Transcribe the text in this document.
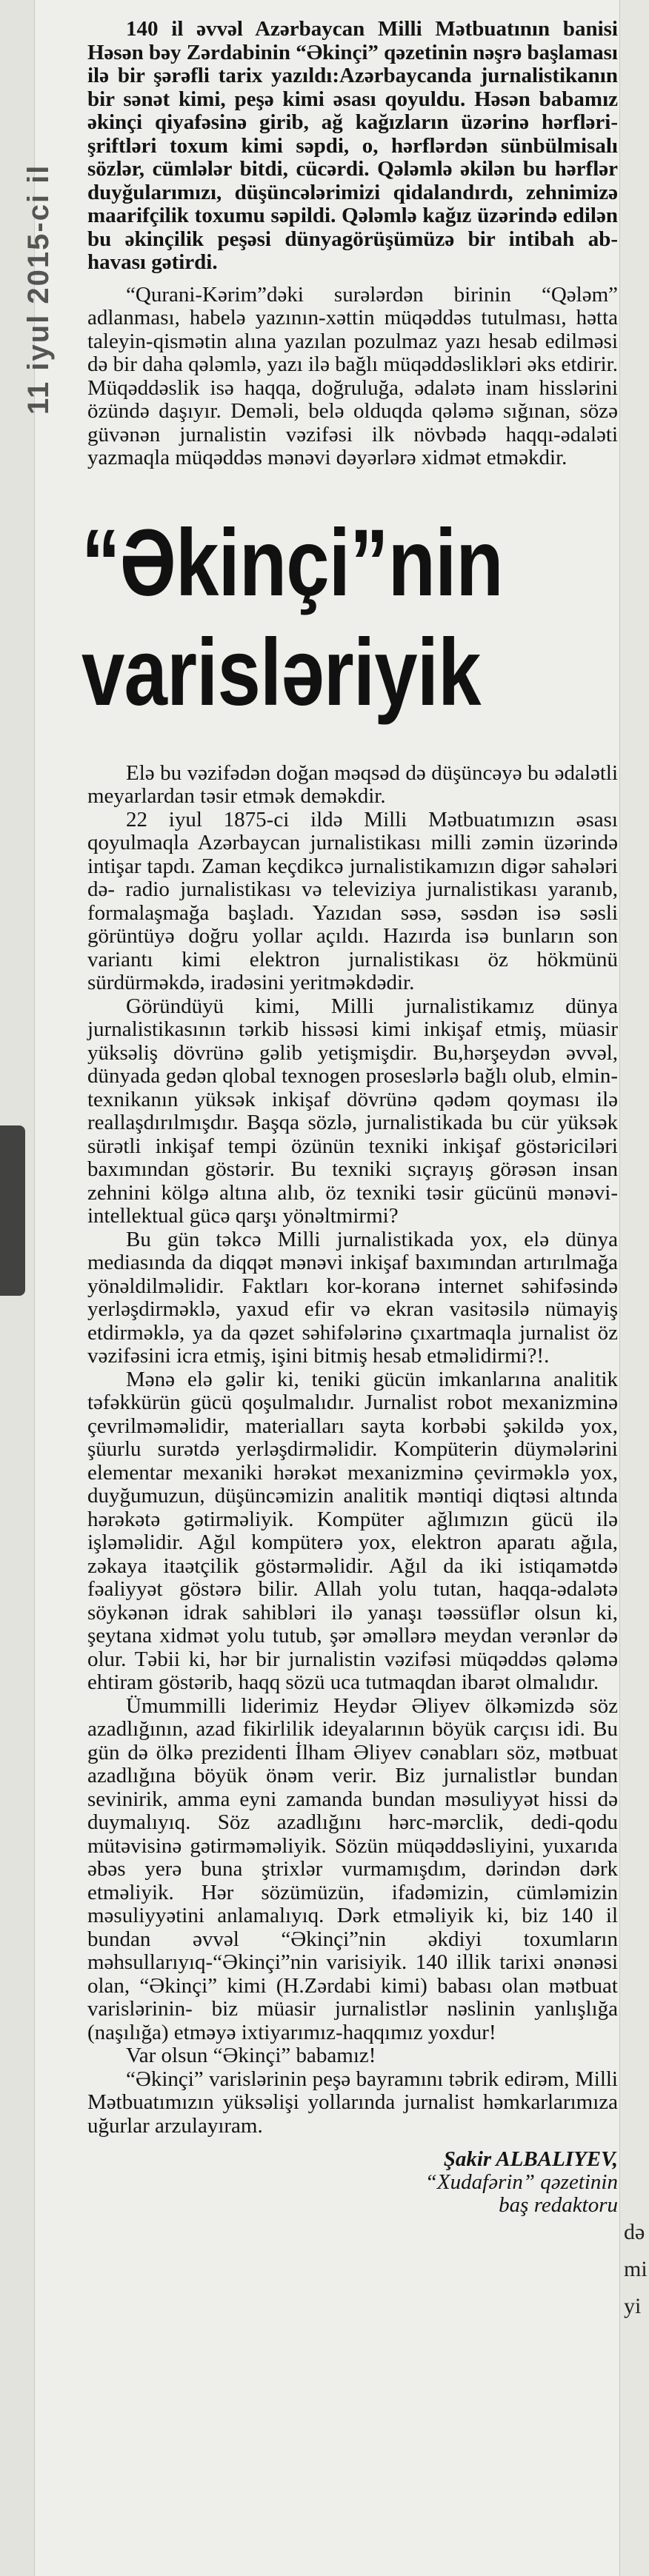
11 iyul 2015-ci il
də
mi
yi

140 il əvvəl Azərbaycan Milli Mətbuatının banisi Həsən bəy Zərdabinin “Əkinçi” qəzetinin nəşrə başlaması ilə bir şərəfli tarix yazıldı:Azərbaycanda jurnalistikanın bir sənət kimi, peşə kimi əsası qoyuldu. Həsən babamız əkinçi qiyafəsinə girib, ağ kağızların üzərinə hərfləri- şriftləri toxum kimi səpdi, o, hərflərdən sünbülmisalı sözlər, cümlələr bitdi, cücərdi. Qələmlə əkilən bu hərflər duyğularımızı, düşüncələrimizi qidalandırdı, zehnimizə maarifçilik toxumu səpildi. Qələmlə kağız üzərində edilən bu əkinçilik peşəsi dünyagörüşümüzə bir intibah ab-havası gətirdi.

“Qurani-Kərim”dəki surələrdən birinin “Qələm” adlanması, habelə yazının-xəttin müqəddəs tutulması, hətta taleyin-qismətin alına yazılan pozulmaz yazı hesab edilməsi də bir daha qələmlə, yazı ilə bağlı müqəddəslikləri əks etdirir. Müqəddəslik isə haqqa, doğruluğa, ədalətə inam hisslərini özündə daşıyır. Deməli, belə olduqda qələmə sığınan, sözə güvənən jurnalistin vəzifəsi ilk növbədə haqqı-ədaləti yazmaqla müqəddəs mənəvi dəyərlərə xidmət etməkdir.

“Əkinçi”nin
varisləriyik

Elə bu vəzifədən doğan məqsəd də düşüncəyə bu ədalətli meyarlardan təsir etmək deməkdir.

22 iyul 1875-ci ildə Milli Mətbuatımızın əsası qoyulmaqla Azərbaycan jurnalistikası milli zəmin üzərində intişar tapdı. Zaman keçdikcə jurnalistikamızın digər sahələri də- radio jurnalistikası və televiziya jurnalistikası yaranıb, formalaşmağa başladı. Yazıdan səsə, səsdən isə səsli görüntüyə doğru yollar açıldı. Hazırda isə bunların son variantı kimi elektron jurnalistikası öz hökmünü sürdürməkdə, iradəsini yeritməkdədir.

Göründüyü kimi, Milli jurnalistikamız dünya jurnalistikasının tərkib hissəsi kimi inkişaf etmiş, müasir yüksəliş dövrünə gəlib yetişmişdir. Bu,hərşeydən əvvəl, dünyada gedən qlobal texnogen proseslərlə bağlı olub, elmin-texnikanın yüksək inkişaf dövrünə qədəm qoyması ilə reallaşdırılmışdır. Başqa sözlə, jurnalistikada bu cür yüksək sürətli inkişaf tempi özünün texniki inkişaf göstəriciləri baxımından göstərir. Bu texniki sıçrayış görəsən insan zehnini kölgə altına alıb, öz texniki təsir gücünü mənəvi-intellektual gücə qarşı yönəltmirmi?

Bu gün təkcə Milli jurnalistikada yox, elə dünya mediasında da diqqət mənəvi inkişaf baxımından artırılmağa yönəldilməlidir. Faktları kor-koranə internet səhifəsində yerləşdirməklə, yaxud efir və ekran vasitəsilə nümayiş etdirməklə, ya da qəzet səhifələrinə çıxartmaqla jurnalist öz vəzifəsini icra etmiş, işini bitmiş hesab etməlidirmi?!.

Mənə elə gəlir ki, teniki gücün imkanlarına analitik təfəkkürün gücü qoşulmalıdır. Jurnalist robot mexanizminə çevrilməməlidir, materialları sayta korbəbi şəkildə yox, şüurlu surətdə yerləşdirməlidir. Kompüterin düymələrini elementar mexaniki hərəkət mexanizminə çevirməklə yox, duyğumuzun, düşüncəmizin analitik məntiqi diqtəsi altında hərəkətə gətirməliyik. Kompüter ağlımızın gücü ilə işləməlidir. Ağıl kompüterə yox, elektron aparatı ağıla, zəkaya itaətçilik göstərməlidir. Ağıl da iki istiqamətdə fəaliyyət göstərə bilir. Allah yolu tutan, haqqa-ədalətə söykənən idrak sahibləri ilə yanaşı təəssüflər olsun ki, şeytana xidmət yolu tutub, şər əməllərə meydan verənlər də olur. Təbii ki, hər bir jurnalistin vəzifəsi müqəddəs qələmə ehtiram göstərib, haqq sözü uca tutmaqdan ibarət olmalıdır.

Ümummilli liderimiz Heydər Əliyev ölkəmizdə söz azadlığının, azad fikirlilik ideyalarının böyük carçısı idi. Bu gün də ölkə prezidenti İlham Əliyev cənabları söz, mətbuat azadlığına böyük önəm verir. Biz jurnalistlər bundan sevinirik, amma eyni zamanda bundan məsuliyyət hissi də duymalıyıq. Söz azadlığını hərc-mərclik, dedi-qodu mütəvisinə gətirməməliyik. Sözün müqəddəsliyini, yuxarıda əbəs yerə buna ştrixlər vurmamışdım, dərindən dərk etməliyik. Hər sözümüzün, ifadəmizin, cümləmizin məsuliyyətini anlamalıyıq. Dərk etməliyik ki, biz 140 il bundan əvvəl “Əkinçi”nin əkdiyi toxumların məhsullarıyıq-“Əkinçi”nin varisiyik. 140 illik tarixi ənənəsi olan, “Əkinçi” kimi (H.Zərdabi kimi) babası olan mətbuat varislərinin- biz müasir jurnalistlər nəslinin yanlışlığa (naşılığa) etməyə ixtiyarımız-haqqımız yoxdur!

Var olsun “Əkinçi” babamız!

“Əkinçi” varislərinin peşə bayramını təbrik edirəm, Milli Mətbuatımızın yüksəlişi yollarında jurnalist həmkarlarımıza uğurlar arzulayıram.

Şakir ALBALIYEV,
“Xudafərin” qəzetinin
baş redaktoru
